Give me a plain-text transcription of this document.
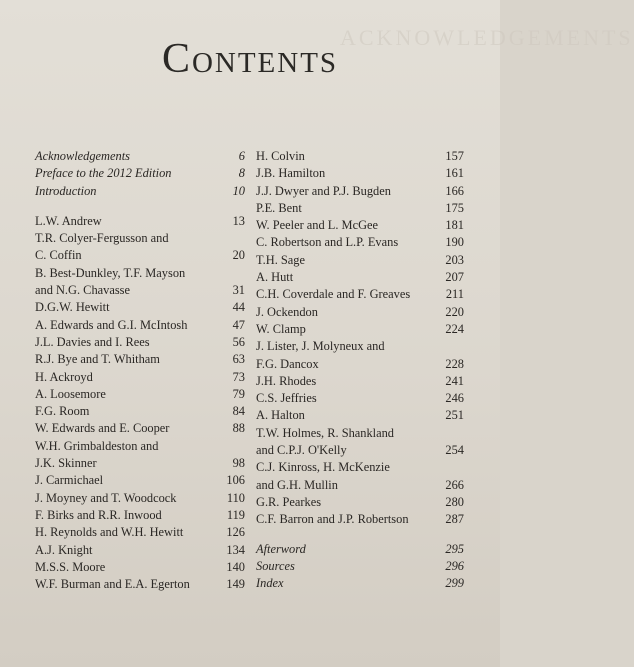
ACKNOWLEDGEMENTS
Contents
Acknowledgements	6
Preface to the 2012 Edition	8
Introduction	10
L.W. Andrew	13
T.R. Colyer-Fergusson and
C. Coffin	20
B. Best-Dunkley, T.F. Mayson
and N.G. Chavasse	31
D.G.W. Hewitt	44
A. Edwards and G.I. McIntosh	47
J.L. Davies and I. Rees	56
R.J. Bye and T. Whitham	63
H. Ackroyd	73
A. Loosemore	79
F.G. Room	84
W. Edwards and E. Cooper	88
W.H. Grimbaldeston and
J.K. Skinner	98
J. Carmichael	106
J. Moyney and T. Woodcock	110
F. Birks and R.R. Inwood	119
H. Reynolds and W.H. Hewitt	126
A.J. Knight	134
M.S.S. Moore	140
W.F. Burman and E.A. Egerton	149
H. Colvin	157
J.B. Hamilton	161
J.J. Dwyer and P.J. Bugden	166
P.E. Bent	175
W. Peeler and L. McGee	181
C. Robertson and L.P. Evans	190
T.H. Sage	203
A. Hutt	207
C.H. Coverdale and F. Greaves	211
J. Ockendon	220
W. Clamp	224
J. Lister, J. Molyneux and
F.G. Dancox	228
J.H. Rhodes	241
C.S. Jeffries	246
A. Halton	251
T.W. Holmes, R. Shankland
and C.P.J. O'Kelly	254
C.J. Kinross, H. McKenzie
and G.H. Mullin	266
G.R. Pearkes	280
C.F. Barron and J.P. Robertson	287
Afterword	295
Sources	296
Index	299
